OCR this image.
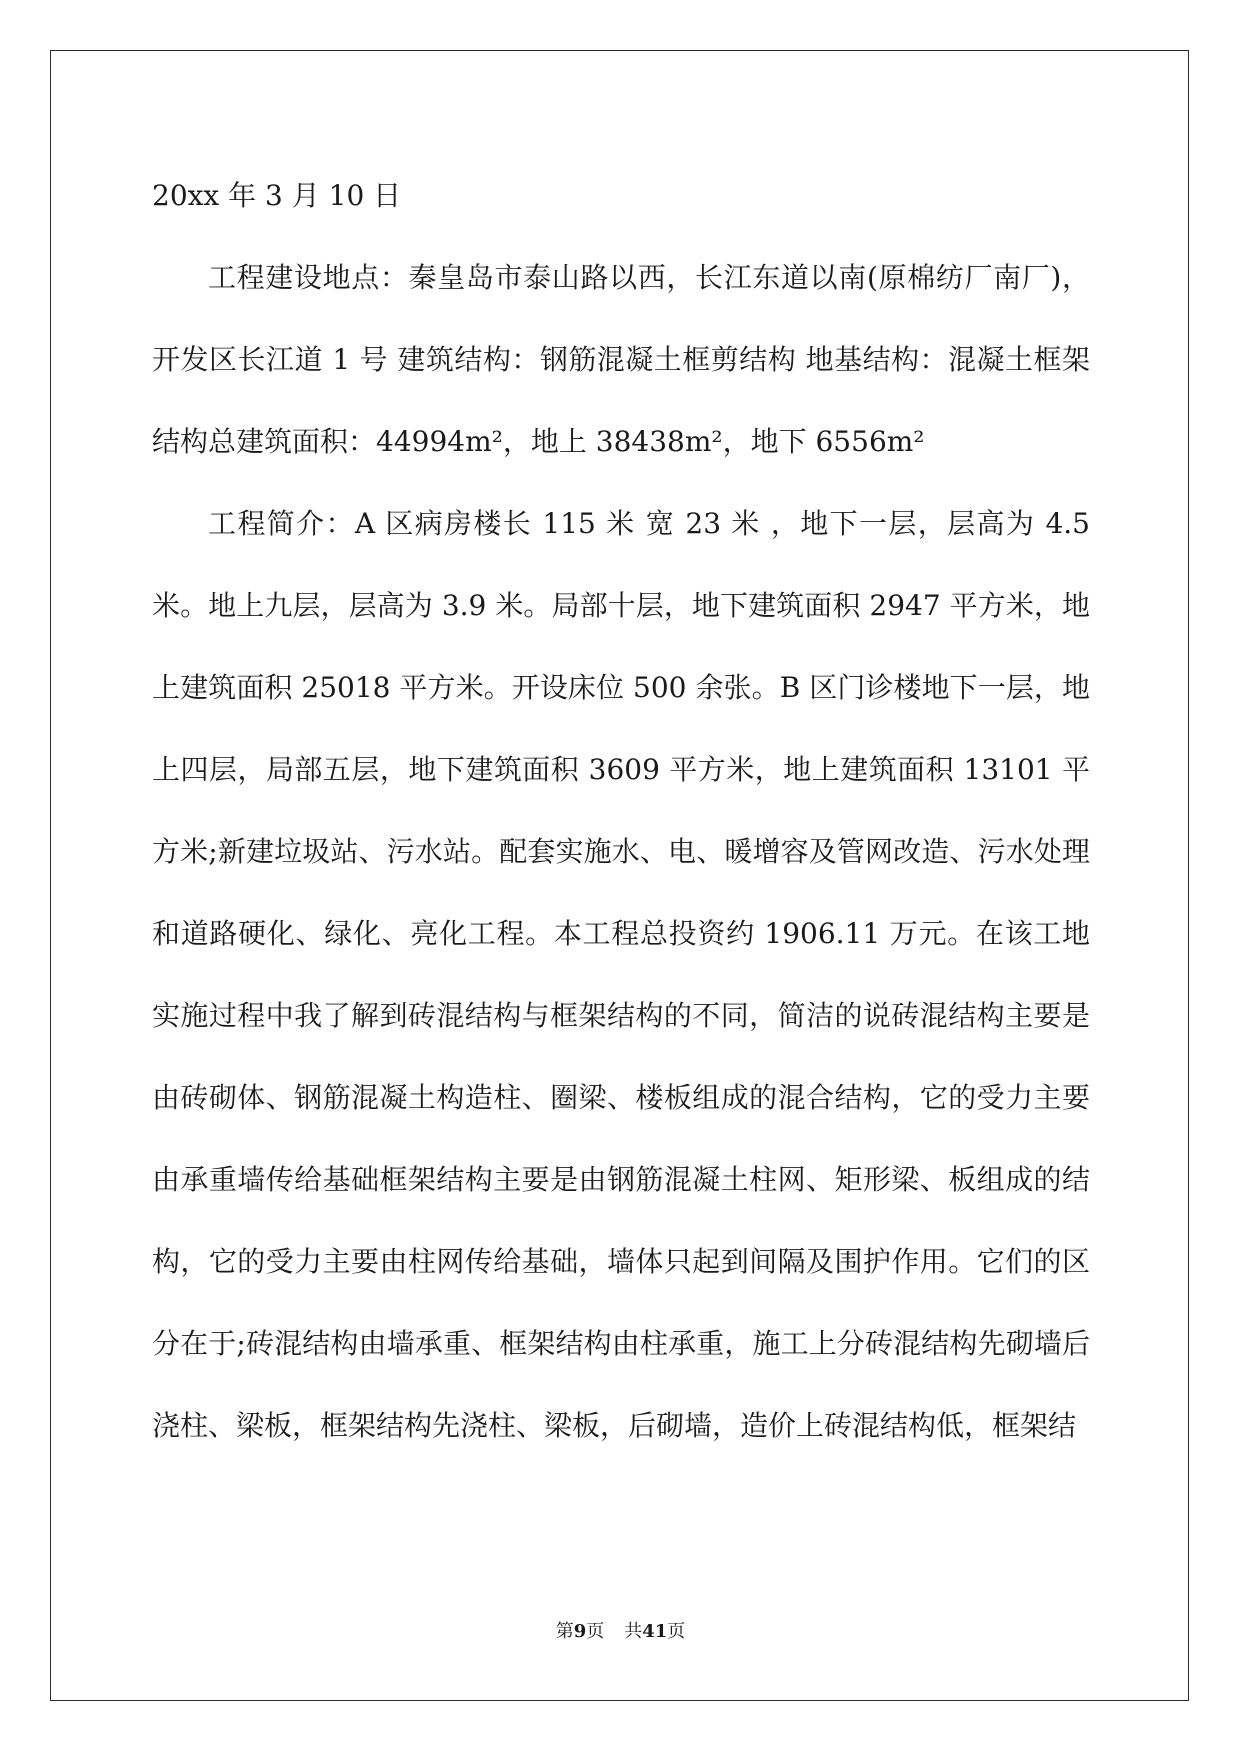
20xx 年 3 月 10 日

工程建设地点：秦皇岛市泰山路以西，长江东道以南(原棉纺厂南厂)，开发区长江道 1 号 建筑结构：钢筋混凝土框剪结构 地基结构：混凝土框架结构总建筑面积：44994m²，地上 38438m²，地下 6556m²

工程简介：A 区病房楼长 115 米 宽 23 米 ，地下一层，层高为 4.5 米。地上九层，层高为 3.9 米。局部十层，地下建筑面积 2947 平方米，地上建筑面积 25018 平方米。开设床位 500 余张。B 区门诊楼地下一层，地上四层，局部五层，地下建筑面积 3609 平方米，地上建筑面积 13101 平方米;新建垃圾站、污水站。配套实施水、电、暖增容及管网改造、污水处理和道路硬化、绿化、亮化工程。本工程总投资约 1906.11 万元。在该工地实施过程中我了解到砖混结构与框架结构的不同，简洁的说砖混结构主要是由砖砌体、钢筋混凝土构造柱、圈梁、楼板组成的混合结构，它的受力主要由承重墙传给基础框架结构主要是由钢筋混凝土柱网、矩形梁、板组成的结构，它的受力主要由柱网传给基础，墙体只起到间隔及围护作用。它们的区分在于;砖混结构由墙承重、框架结构由柱承重，施工上分砖混结构先砌墙后浇柱、梁板，框架结构先浇柱、梁板，后砌墙，造价上砖混结构低，框架结

第9页 共41页
